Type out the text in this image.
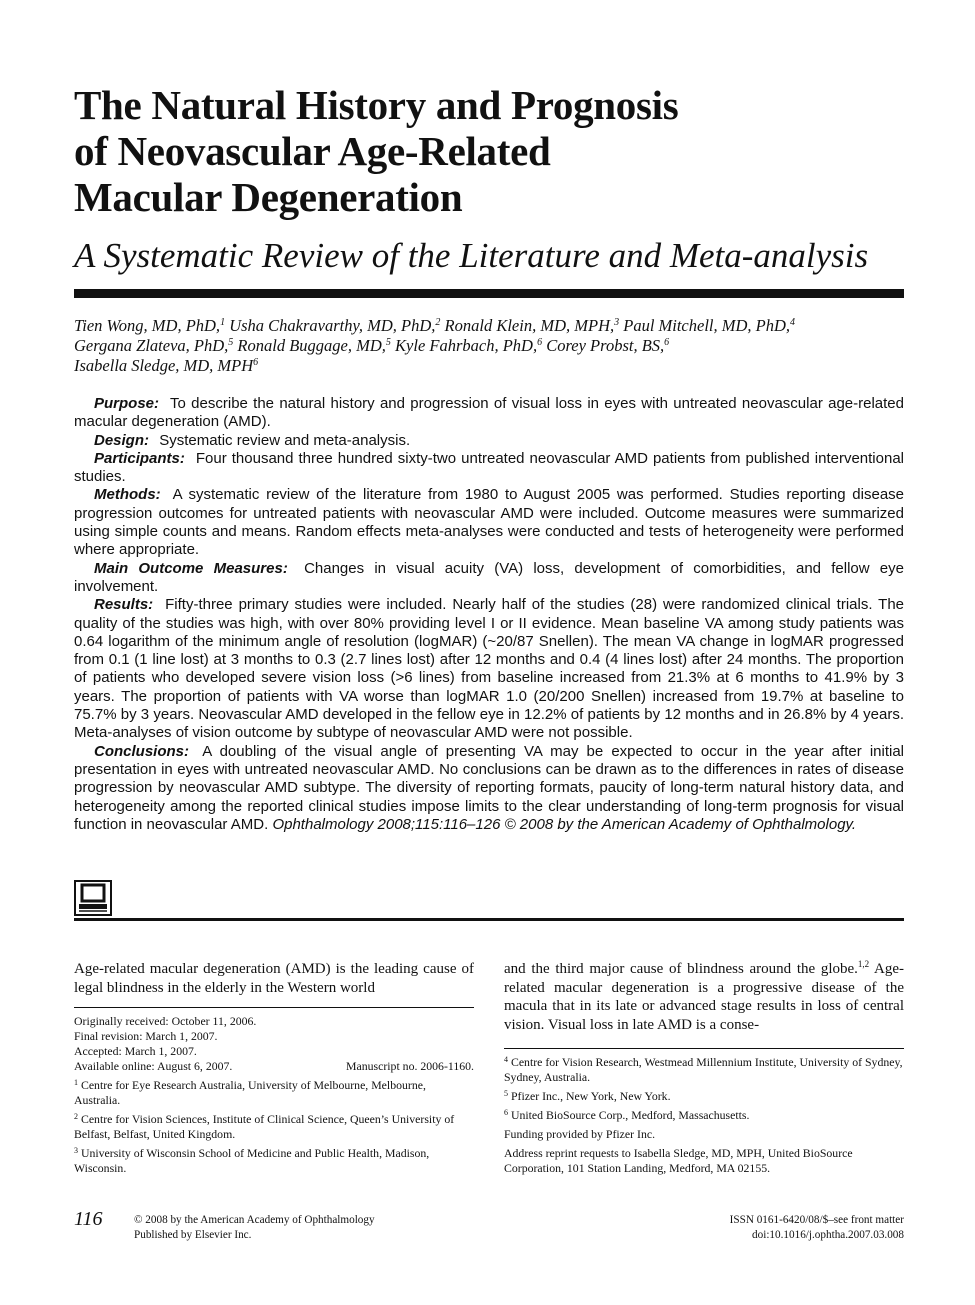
The Natural History and Prognosis
of Neovascular Age-Related
Macular Degeneration
A Systematic Review of the Literature and Meta-analysis
Tien Wong, MD, PhD,$^1$ Usha Chakravarthy, MD, PhD,$^2$ Ronald Klein, MD, MPH,$^3$ Paul Mitchell, MD, PhD,$^4$
Gergana Zlateva, PhD,$^5$ Ronald Buggage, MD,$^5$ Kyle Fahrbach, PhD,$^6$ Corey Probst, BS,$^6$
Isabella Sledge, MD, MPH$^6$

Purpose: To describe the natural history and progression of visual loss in eyes with untreated neovascular age-related macular degeneration (AMD).

Design: Systematic review and meta-analysis.

Participants: Four thousand three hundred sixty-two untreated neovascular AMD patients from published interventional studies.

Methods: A systematic review of the literature from 1980 to August 2005 was performed. Studies reporting disease progression outcomes for untreated patients with neovascular AMD were included. Outcome measures were summarized using simple counts and means. Random effects meta-analyses were conducted and tests of heterogeneity were performed where appropriate.

Main Outcome Measures: Changes in visual acuity (VA) loss, development of comorbidities, and fellow eye involvement.

Results: Fifty-three primary studies were included. Nearly half of the studies (28) were randomized clinical trials. The quality of the studies was high, with over 80% providing level I or II evidence. Mean baseline VA among study patients was 0.64 logarithm of the minimum angle of resolution (logMAR) (~20/87 Snellen). The mean VA change in logMAR progressed from 0.1 (1 line lost) at 3 months to 0.3 (2.7 lines lost) after 12 months and 0.4 (4 lines lost) after 24 months. The proportion of patients who developed severe vision loss (>6 lines) from baseline increased from 21.3% at 6 months to 41.9% by 3 years. The proportion of patients with VA worse than logMAR 1.0 (20/200 Snellen) increased from 19.7% at baseline to 75.7% by 3 years. Neovascular AMD developed in the fellow eye in 12.2% of patients by 12 months and in 26.8% by 4 years. Meta-analyses of vision outcome by subtype of neovascular AMD were not possible.

Conclusions: A doubling of the visual angle of presenting VA may be expected to occur in the year after initial presentation in eyes with untreated neovascular AMD. No conclusions can be drawn as to the differences in rates of disease progression by neovascular AMD subtype. The diversity of reporting formats, paucity of long-term natural history data, and heterogeneity among the reported clinical studies impose limits to the clear understanding of long-term prognosis for visual function in neovascular AMD. Ophthalmology 2008;115:116–126 © 2008 by the American Academy of Ophthalmology.

Age-related macular degeneration (AMD) is the leading cause of legal blindness in the elderly in the Western world

Originally received: October 11, 2006.

Final revision: March 1, 2007.

Accepted: March 1, 2007.

Available online: August 6, 2007.	Manuscript no. 2006-1160.

$^1$ Centre for Eye Research Australia, University of Melbourne, Melbourne, Australia.

$^2$ Centre for Vision Sciences, Institute of Clinical Science, Queen’s University of Belfast, Belfast, United Kingdom.

$^3$ University of Wisconsin School of Medicine and Public Health, Madison, Wisconsin.

and the third major cause of blindness around the globe.$^{1,2}$ Age-related macular degeneration is a progressive disease of the macula that in its late or advanced stage results in loss of central vision. Visual loss in late AMD is a conse-

$^4$ Centre for Vision Research, Westmead Millennium Institute, University of Sydney, Sydney, Australia.

$^5$ Pfizer Inc., New York, New York.

$^6$ United BioSource Corp., Medford, Massachusetts.

Funding provided by Pfizer Inc.

Address reprint requests to Isabella Sledge, MD, MPH, United BioSource Corporation, 101 Station Landing, Medford, MA 02155.

116	© 2008 by the American Academy of Ophthalmology
Published by Elsevier Inc.
ISSN 0161-6420/08/$–see front matter
doi:10.1016/j.ophtha.2007.03.008
